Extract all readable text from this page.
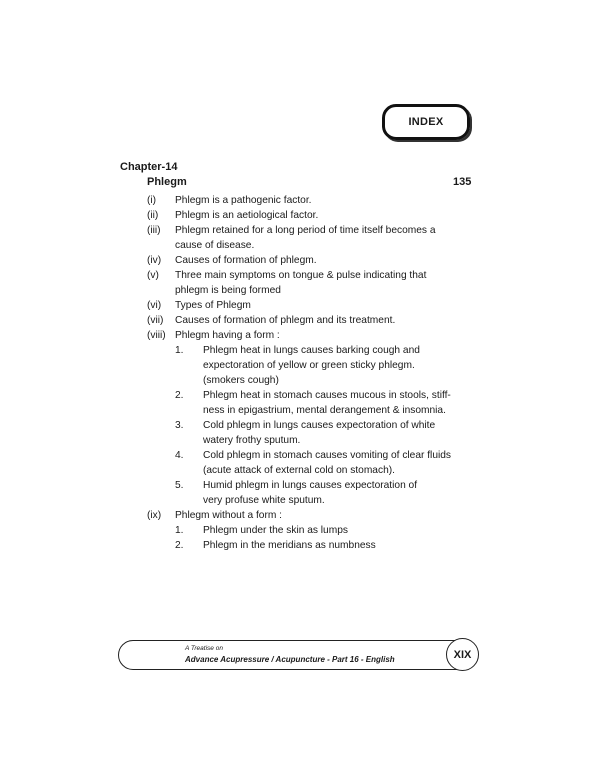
INDEX
Chapter-14
Phlegm	135
(i) Phlegm is a pathogenic factor.
(ii) Phlegm is an aetiological factor.
(iii) Phlegm retained for a long period of time itself becomes a
cause of disease.
(iv) Causes of formation of phlegm.
(v) Three main symptoms on tongue & pulse indicating that
phlegm is being formed
(vi) Types of Phlegm
(vii) Causes of formation of phlegm and its treatment.
(viii) Phlegm having a form :
1. Phlegm heat in lungs causes barking cough and
expectoration of yellow or green sticky phlegm.
(smokers cough)
2. Phlegm heat in stomach causes mucous in stools, stiff-
ness in epigastrium, mental derangement & insomnia.
3. Cold phlegm in lungs causes expectoration of white
watery frothy sputum.
4. Cold phlegm in stomach causes vomiting of clear fluids
(acute attack of external cold on stomach).
5. Humid phlegm in lungs causes expectoration of
very profuse white sputum.
(ix) Phlegm without a form :
1. Phlegm under the skin as lumps
2. Phlegm in the meridians as numbness
A Treatise on
Advance Acupressure / Acupuncture - Part 16 - English	XIX
